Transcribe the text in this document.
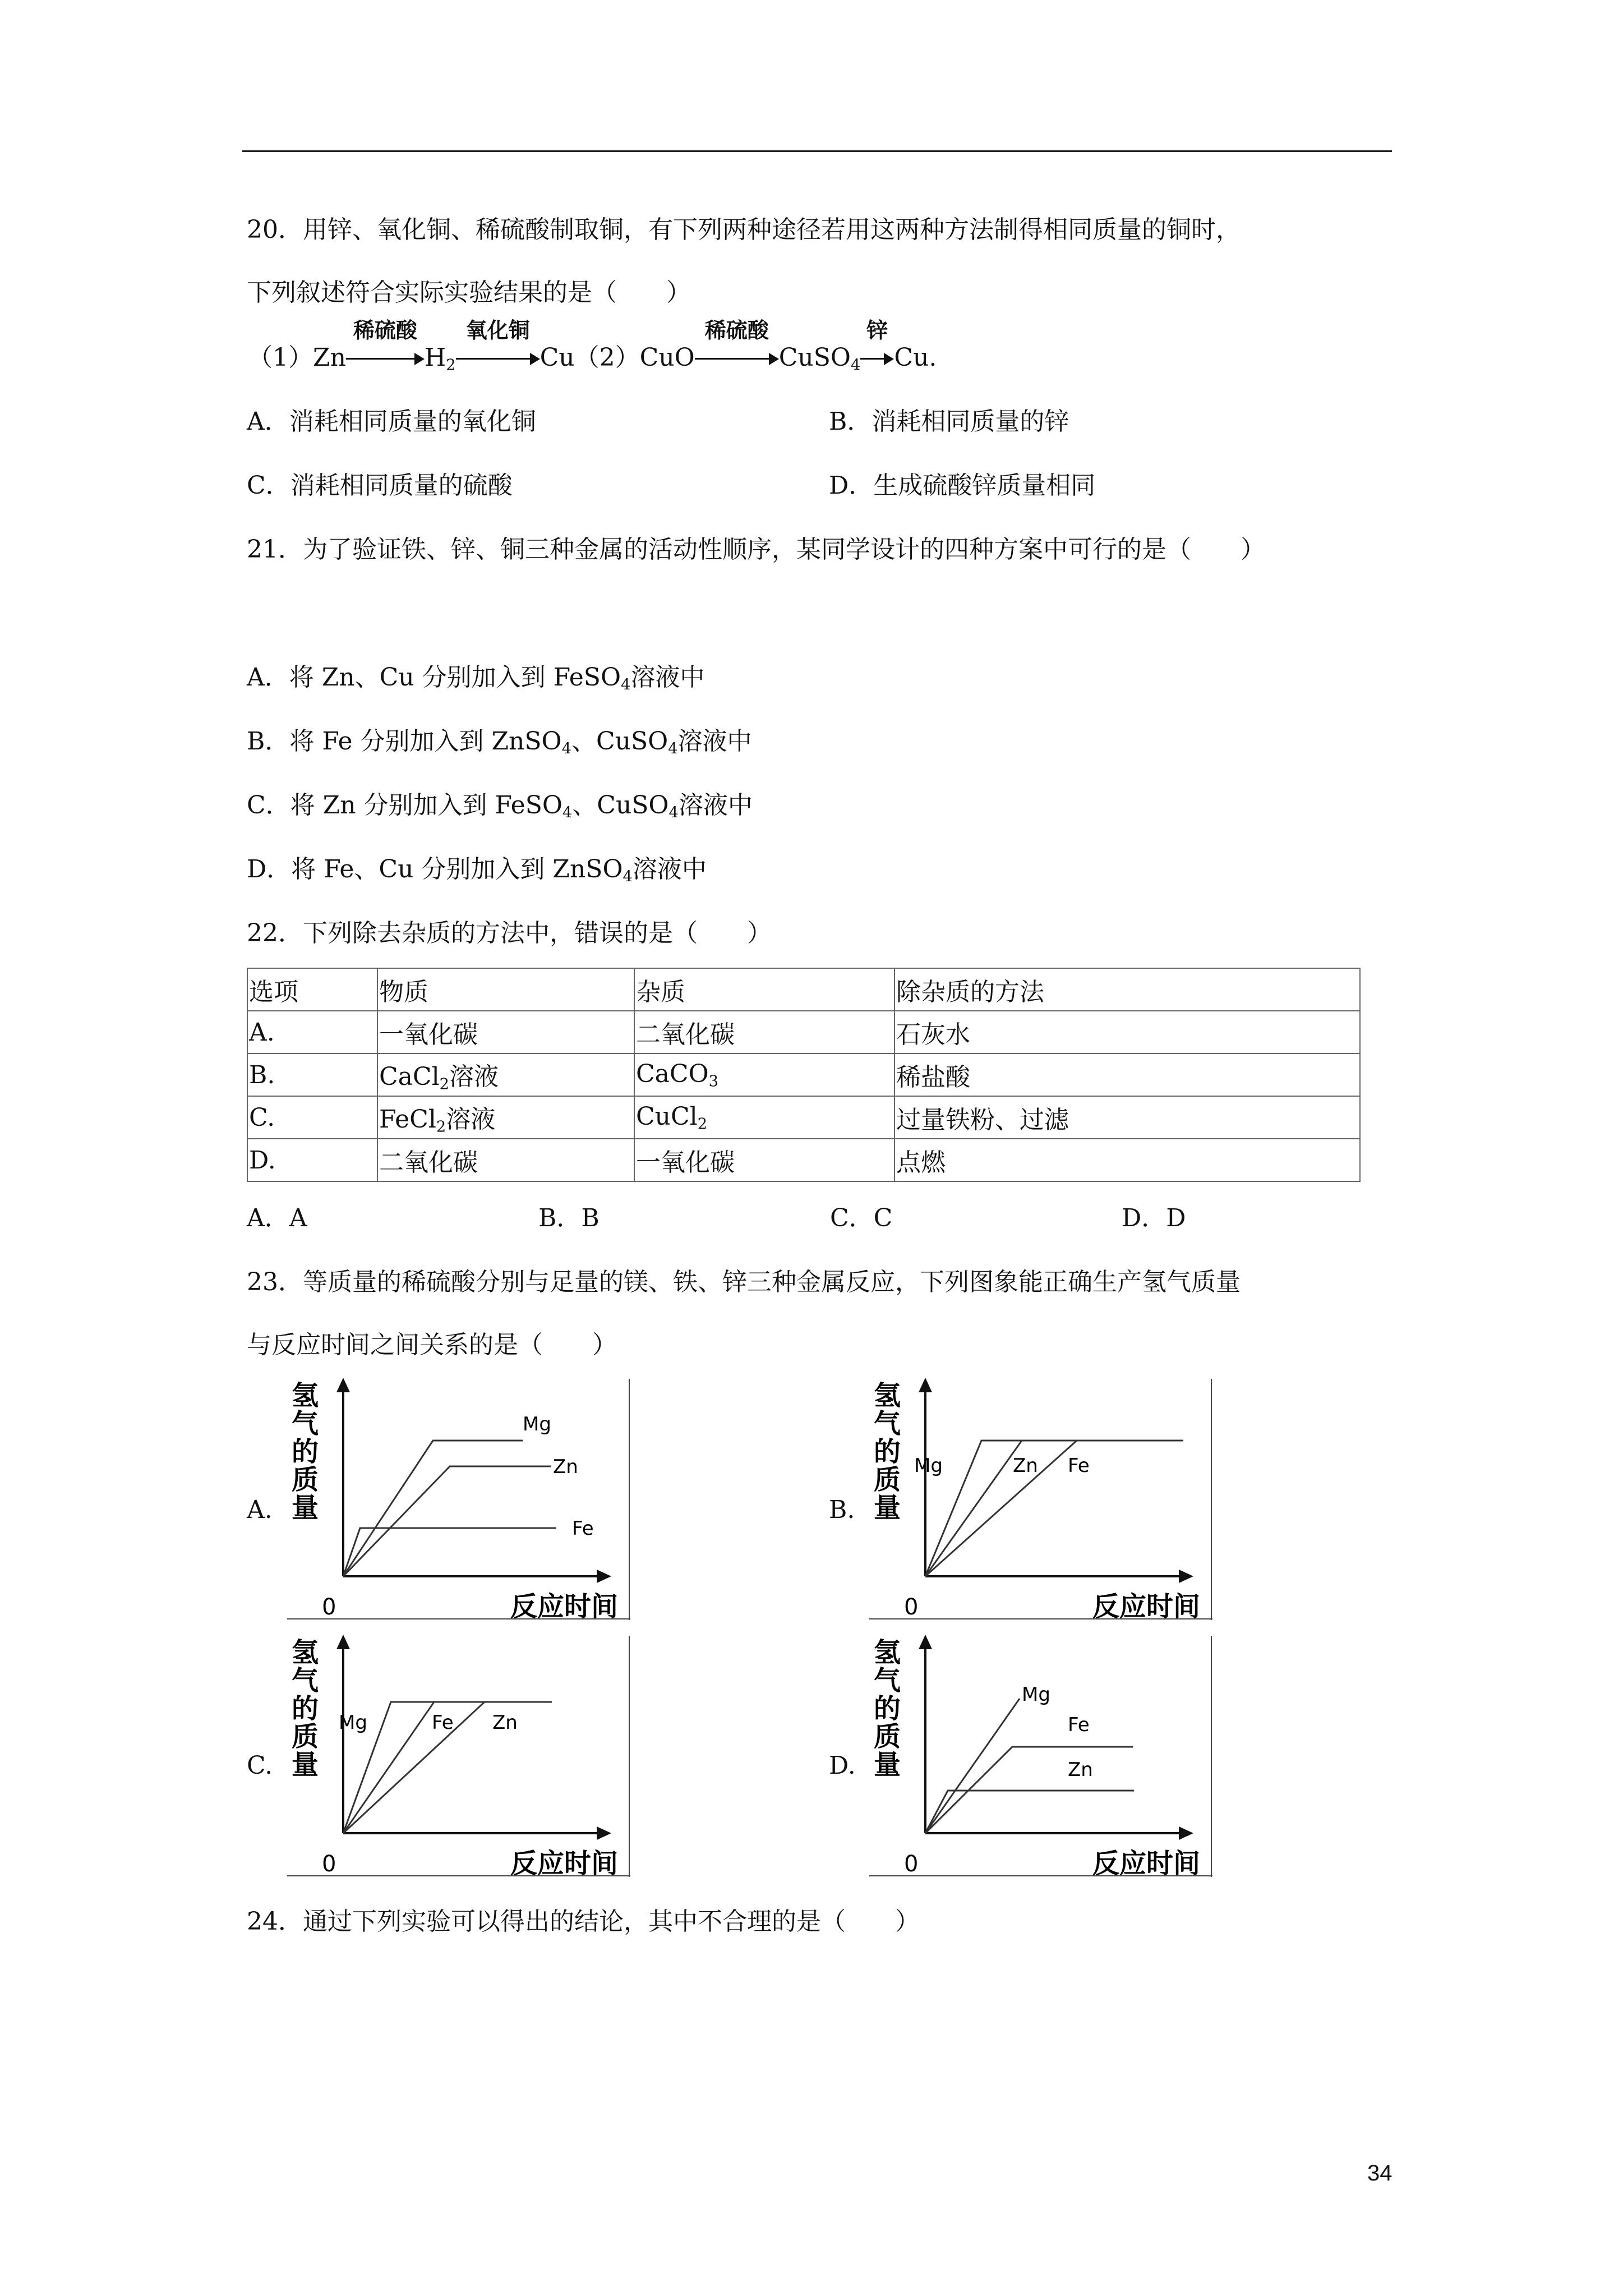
20．用锌、氧化铜、稀硫酸制取铜，有下列两种途径若用这两种方法制得相同质量的铜时，
下列叙述符合实际实验结果的是（　　）
（1）Zn
稀硫酸
$H_2$
氧化铜
Cu（2）CuO
稀硫酸
CuSO$_4$
锌
Cu.
A．消耗相同质量的氧化铜	B．消耗相同质量的锌
C．消耗相同质量的硫酸	D．生成硫酸锌质量相同
21．为了验证铁、锌、铜三种金属的活动性顺序，某同学设计的四种方案中可行的是（　　）
A．将 Zn、Cu 分别加入到 FeSO$_4$溶液中
B．将 Fe 分别加入到 ZnSO$_4$、CuSO$_4$溶液中
C．将 Zn 分别加入到 FeSO$_4$、CuSO$_4$溶液中
D．将 Fe、Cu 分别加入到 ZnSO$_4$溶液中
22．下列除去杂质的方法中，错误的是（　　）
选项	物质	杂质	除杂质的方法
A.	一氧化碳	二氧化碳	石灰水
B.	CaCl$_2$溶液	CaCO$_3$	稀盐酸
C.	FeCl$_2$溶液	CuCl$_2$	过量铁粉、过滤
D.	二氧化碳	一氧化碳	点燃
A．A	B．B	C．C	D．D
23．等质量的稀硫酸分别与足量的镁、铁、锌三种金属反应，下列图象能正确生产氢气质量
与反应时间之间关系的是（　　）
A.	B.
C.	D.
Mg
Zn
Fe
氢
气
的
质
量
0	反应时间
Mg	Zn Fe
氢
气
的
质
量
0	反应时间
Mg	Fe Zn
氢
气
的
质
量
0	反应时间
Mg
Fe
Zn
氢
气
的
质
量
0	反应时间
24．通过下列实验可以得出的结论，其中不合理的是（　　）
34
